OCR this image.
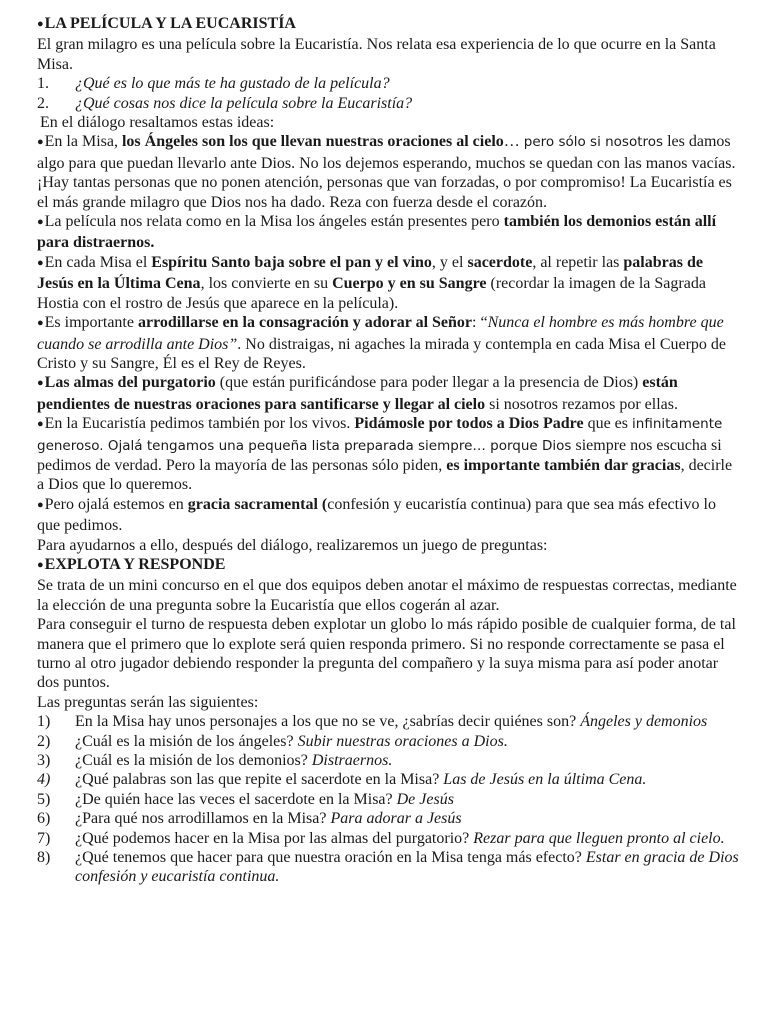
●LA PELÍCULA Y LA EUCARISTÍA

El gran milagro es una película sobre la Eucaristía. Nos relata esa experiencia de lo que ocurre en la Santa Misa.

1.	¿Qué es lo que más te ha gustado de la película?
2.	¿Qué cosas nos dice la película sobre la Eucaristía?

En el diálogo resaltamos estas ideas:

●En la Misa, los Ángeles son los que llevan nuestras oraciones al cielo… pero sólo si nosotros les damos algo para que puedan llevarlo ante Dios. No los dejemos esperando, muchos se quedan con las manos vacías. ¡Hay tantas personas que no ponen atención, personas que van forzadas, o por compromiso! La Eucaristía es el más grande milagro que Dios nos ha dado. Reza con fuerza desde el corazón.

●La película nos relata como en la Misa los ángeles están presentes pero también los demonios están allí para distraernos.

●En cada Misa el Espíritu Santo baja sobre el pan y el vino, y el sacerdote, al repetir las palabras de Jesús en la Última Cena, los convierte en su Cuerpo y en su Sangre (recordar la imagen de la Sagrada Hostia con el rostro de Jesús que aparece en la película).

●Es importante arrodillarse en la consagración y adorar al Señor: “Nunca el hombre es más hombre que cuando se arrodilla ante Dios”. No distraigas, ni agaches la mirada y contempla en cada Misa el Cuerpo de Cristo y su Sangre, Él es el Rey de Reyes.

●Las almas del purgatorio (que están purificándose para poder llegar a la presencia de Dios) están pendientes de nuestras oraciones para santificarse y llegar al cielo si nosotros rezamos por ellas.

●En la Eucaristía pedimos también por los vivos. Pidámosle por todos a Dios Padre que es infinitamente generoso. Ojalá tengamos una pequeña lista preparada siempre… porque Dios siempre nos escucha si pedimos de verdad. Pero la mayoría de las personas sólo piden, es importante también dar gracias, decirle a Dios que lo queremos.

●Pero ojalá estemos en gracia sacramental (confesión y eucaristía continua) para que sea más efectivo lo que pedimos.

Para ayudarnos a ello, después del diálogo, realizaremos un juego de preguntas:

●EXPLOTA Y RESPONDE

Se trata de un mini concurso en el que dos equipos deben anotar el máximo de respuestas correctas, mediante la elección de una pregunta sobre la Eucaristía que ellos cogerán al azar.

Para conseguir el turno de respuesta deben explotar un globo lo más rápido posible de cualquier forma, de tal manera que el primero que lo explote será quien responda primero. Si no responde correctamente se pasa el turno al otro jugador debiendo responder la pregunta del compañero y la suya misma para así poder anotar dos puntos.

Las preguntas serán las siguientes:

1)	En la Misa hay unos personajes a los que no se ve, ¿sabrías decir quiénes son? Ángeles y demonios
2)	¿Cuál es la misión de los ángeles? Subir nuestras oraciones a Dios.
3)	¿Cuál es la misión de los demonios? Distraernos.
4)	¿Qué palabras son las que repite el sacerdote en la Misa? Las de Jesús en la última Cena.
5)	¿De quién hace las veces el sacerdote en la Misa? De Jesús
6)	¿Para qué nos arrodillamos en la Misa? Para adorar a Jesús
7)	¿Qué podemos hacer en la Misa por las almas del purgatorio? Rezar para que lleguen pronto al cielo.
8)	¿Qué tenemos que hacer para que nuestra oración en la Misa tenga más efecto? Estar en gracia de Dios confesión y eucaristía continua.
